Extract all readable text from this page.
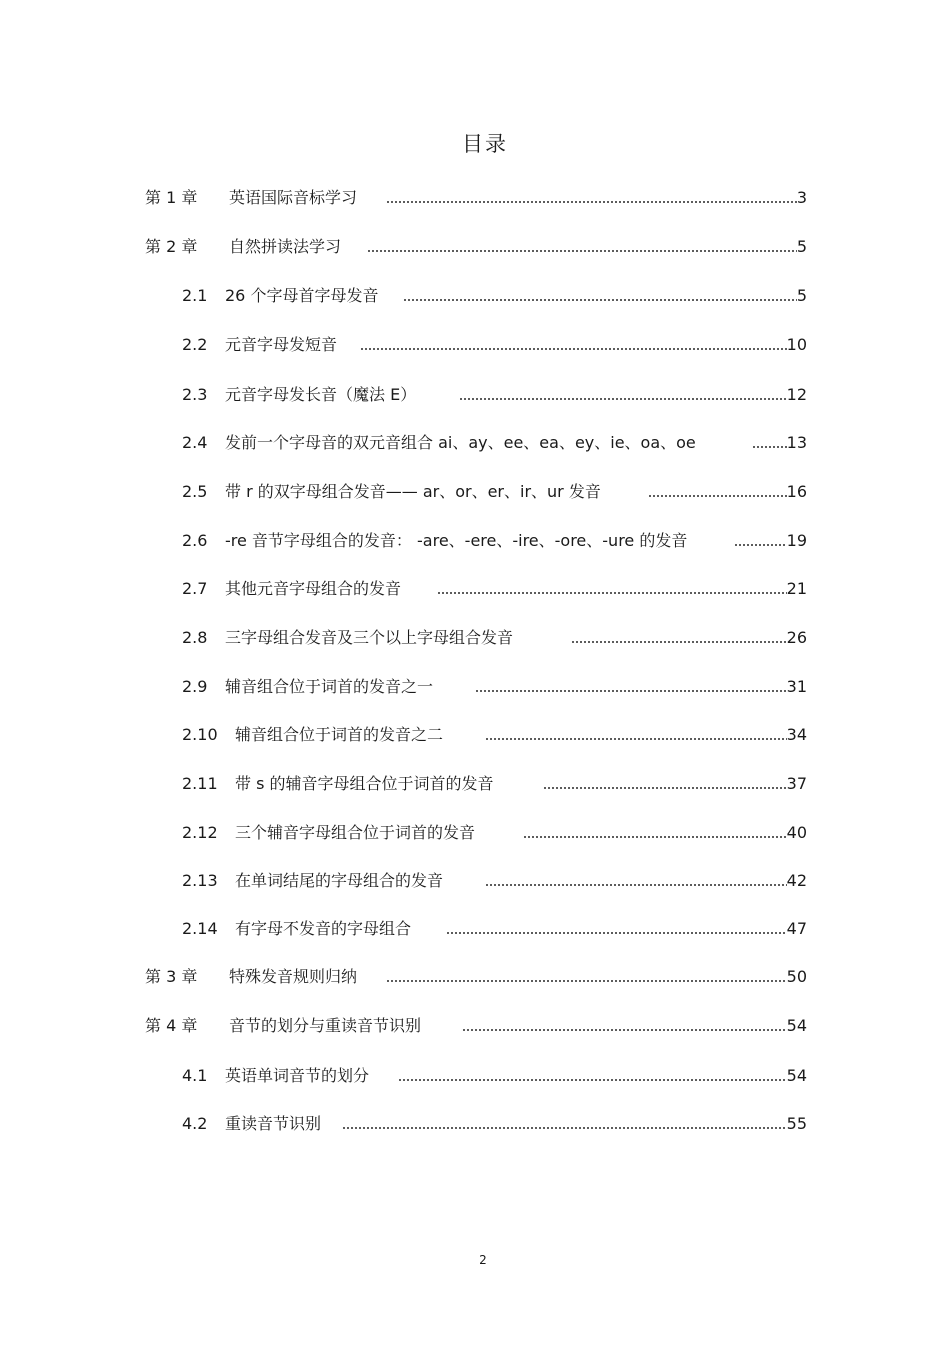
目录
第 1 章 英语国际音标学习	3
第 2 章 自然拼读法学习	5
2.1 26 个字母首字母发音	5
2.2 元音字母发短音	10
2.3 元音字母发长音（魔法 E）	12
2.4 发前一个字母音的双元音组合 ai、ay、ee、ea、ey、ie、oa、oe	13
2.5 带 r 的双字母组合发音—— ar、or、er、ir、ur 发音	16
2.6 -re 音节字母组合的发音： -are、-ere、-ire、-ore、-ure 的发音	19
2.7 其他元音字母组合的发音	21
2.8 三字母组合发音及三个以上字母组合发音	26
2.9 辅音组合位于词首的发音之一	31
2.10 辅音组合位于词首的发音之二	34
2.11 带 s 的辅音字母组合位于词首的发音	37
2.12 三个辅音字母组合位于词首的发音	40
2.13 在单词结尾的字母组合的发音	42
2.14 有字母不发音的字母组合	47
第 3 章 特殊发音规则归纳	50
第 4 章 音节的划分与重读音节识别	54
4.1 英语单词音节的划分	54
4.2 重读音节识别	55
2
